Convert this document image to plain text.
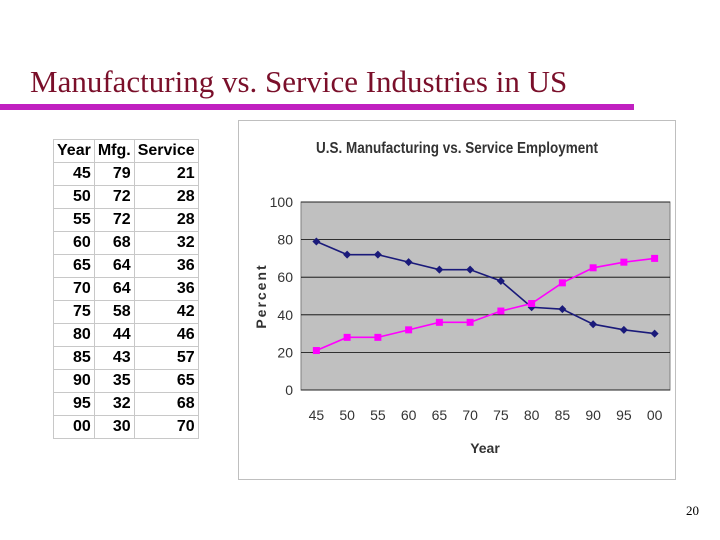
Manufacturing vs. Service Industries in US
Year	Mfg.	Service
45	79	21
50	72	28
55	72	28
60	68	32
65	64	36
70	64	36
75	58	42
80	44	46
85	43	57
90	35	65
95	32	68
00	30	70
0
20
40
60
80
100
45 50 55 60 65 70 75 80 85 90 95 00
U.S. Manufacturing vs. Service Employment
Year
Percent
20
